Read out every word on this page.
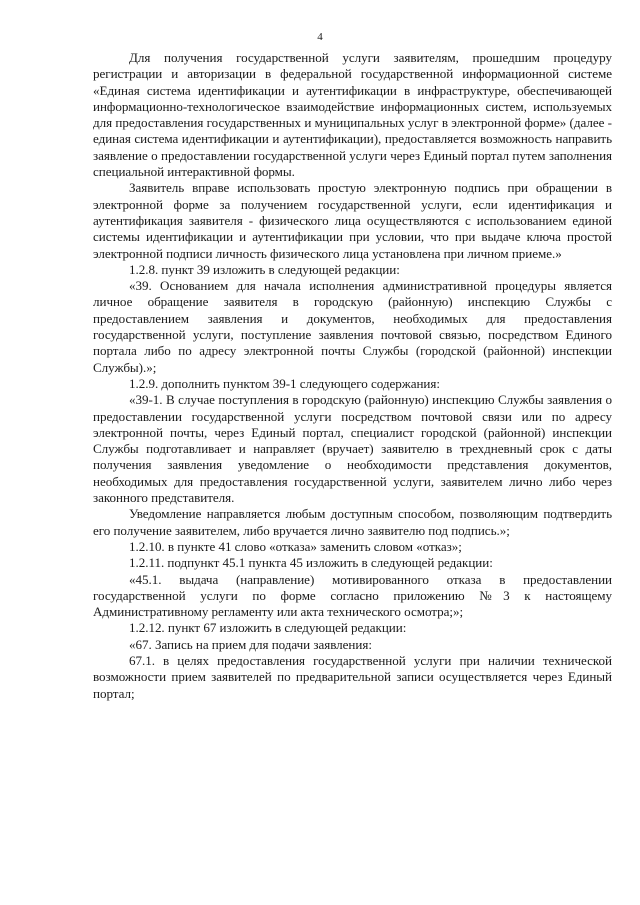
4

Для получения государственной услуги заявителям, прошедшим процедуру регистрации и авторизации в федеральной государственной информационной системе «Единая система идентификации и аутентификации в инфраструктуре, обеспечивающей информационно-технологическое взаимодействие информационных систем, используемых для предоставления государственных и муниципальных услуг в электронной форме» (далее - единая система идентификации и аутентификации), предоставляется возможность направить заявление о предоставлении государственной услуги через Единый портал путем заполнения специальной интерактивной формы.

Заявитель вправе использовать простую электронную подпись при обращении в электронной форме за получением государственной услуги, если идентификация и аутентификация заявителя - физического лица осуществляются с использованием единой системы идентификации и аутентификации при условии, что при выдаче ключа простой электронной подписи личность физического лица установлена при личном приеме.»

1.2.8. пункт 39 изложить в следующей редакции:

«39. Основанием для начала исполнения административной процедуры является личное обращение заявителя в городскую (районную) инспекцию Службы с предоставлением заявления и документов, необходимых для предоставления государственной услуги, поступление заявления почтовой связью, посредством Единого портала либо по адресу электронной почты Службы (городской (районной) инспекции Службы).»;

1.2.9. дополнить пунктом 39-1 следующего содержания:

«39-1. В случае поступления в городскую (районную) инспекцию Службы заявления о предоставлении государственной услуги посредством почтовой связи или по адресу электронной почты, через Единый портал, специалист городской (районной) инспекции Службы подготавливает и направляет (вручает) заявителю в трехдневный срок с даты получения заявления уведомление о необходимости представления документов, необходимых для предоставления государственной услуги, заявителем лично либо через законного представителя.

Уведомление направляется любым доступным способом, позволяющим подтвердить его получение заявителем, либо вручается лично заявителю под подпись.»;

1.2.10. в пункте 41 слово «отказа» заменить словом «отказ»;

1.2.11. подпункт 45.1 пункта 45 изложить в следующей редакции:

«45.1. выдача (направление) мотивированного отказа в предоставлении государственной услуги по форме согласно приложению №3 к настоящему Административному регламенту или акта технического осмотра;»;

1.2.12. пункт 67 изложить в следующей редакции:

«67. Запись на прием для подачи заявления:

67.1. в целях предоставления государственной услуги при наличии технической возможности прием заявителей по предварительной записи осуществляется через Единый портал;
